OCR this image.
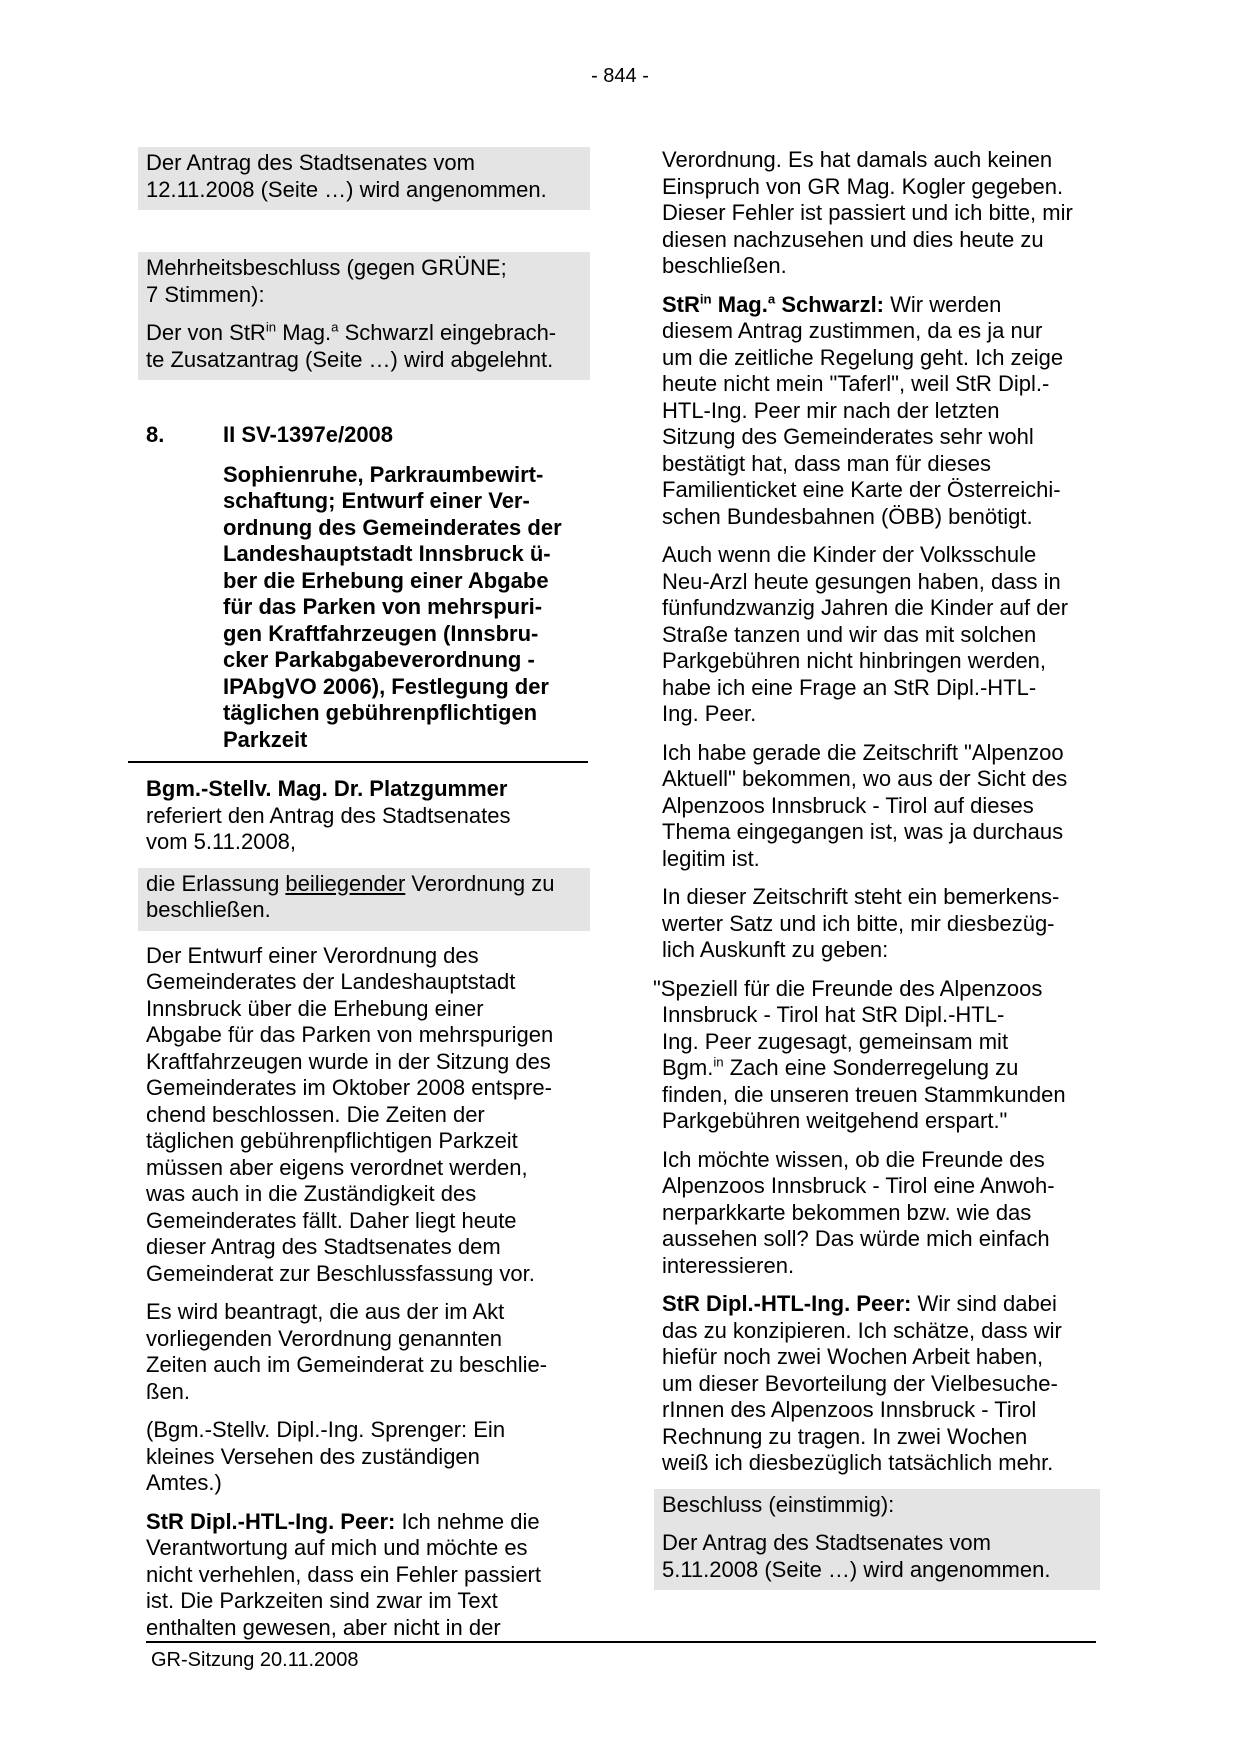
- 844 -
Der Antrag des Stadtsenates vom
12.11.2008 (Seite …) wird angenommen.
Mehrheitsbeschluss (gegen GRÜNE;
7 Stimmen):
Der von StR$^{in}$ Mag.$^a$ Schwarzl eingebrach-
te Zusatzantrag (Seite …) wird abgelehnt.
8.	II SV-1397e/2008
Sophienruhe, Parkraumbewirt-
schaftung; Entwurf einer Ver-
ordnung des Gemeinderates der
Landeshauptstadt Innsbruck ü-
ber die Erhebung einer Abgabe
für das Parken von mehrspuri-
gen Kraftfahrzeugen (Innsbru-
cker Parkabgabeverordnung -
IPAbgVO 2006), Festlegung der
täglichen gebührenpflichtigen
Parkzeit
Bgm.-Stellv. Mag. Dr. Platzgummer
referiert den Antrag des Stadtsenates
vom 5.11.2008,
die Erlassung beiliegender Verordnung zu
beschließen.
Der Entwurf einer Verordnung des
Gemeinderates der Landeshauptstadt
Innsbruck über die Erhebung einer
Abgabe für das Parken von mehrspurigen
Kraftfahrzeugen wurde in der Sitzung des
Gemeinderates im Oktober 2008 entspre-
chend beschlossen. Die Zeiten der
täglichen gebührenpflichtigen Parkzeit
müssen aber eigens verordnet werden,
was auch in die Zuständigkeit des
Gemeinderates fällt. Daher liegt heute
dieser Antrag des Stadtsenates dem
Gemeinderat zur Beschlussfassung vor.
Es wird beantragt, die aus der im Akt
vorliegenden Verordnung genannten
Zeiten auch im Gemeinderat zu beschlie-
ßen.
(Bgm.-Stellv. Dipl.-Ing. Sprenger: Ein
kleines Versehen des zuständigen
Amtes.)
StR Dipl.-HTL-Ing. Peer: Ich nehme die
Verantwortung auf mich und möchte es
nicht verhehlen, dass ein Fehler passiert
ist. Die Parkzeiten sind zwar im Text
enthalten gewesen, aber nicht in der
Verordnung. Es hat damals auch keinen
Einspruch von GR Mag. Kogler gegeben.
Dieser Fehler ist passiert und ich bitte, mir
diesen nachzusehen und dies heute zu
beschließen.
StR$^{in}$ Mag.$^a$ Schwarzl: Wir werden
diesem Antrag zustimmen, da es ja nur
um die zeitliche Regelung geht. Ich zeige
heute nicht mein "Taferl", weil StR Dipl.-
HTL-Ing. Peer mir nach der letzten
Sitzung des Gemeinderates sehr wohl
bestätigt hat, dass man für dieses
Familienticket eine Karte der Österreichi-
schen Bundesbahnen (ÖBB) benötigt.
Auch wenn die Kinder der Volksschule
Neu-Arzl heute gesungen haben, dass in
fünfundzwanzig Jahren die Kinder auf der
Straße tanzen und wir das mit solchen
Parkgebühren nicht hinbringen werden,
habe ich eine Frage an StR Dipl.-HTL-
Ing. Peer.
Ich habe gerade die Zeitschrift "Alpenzoo
Aktuell" bekommen, wo aus der Sicht des
Alpenzoos Innsbruck - Tirol auf dieses
Thema eingegangen ist, was ja durchaus
legitim ist.
In dieser Zeitschrift steht ein bemerkens-
werter Satz und ich bitte, mir diesbezüg-
lich Auskunft zu geben:
"Speziell für die Freunde des Alpenzoos
Innsbruck - Tirol hat StR Dipl.-HTL-
Ing. Peer zugesagt, gemeinsam mit
Bgm.$^{in}$ Zach eine Sonderregelung zu
finden, die unseren treuen Stammkunden
Parkgebühren weitgehend erspart."
Ich möchte wissen, ob die Freunde des
Alpenzoos Innsbruck - Tirol eine Anwoh-
nerparkkarte bekommen bzw. wie das
aussehen soll? Das würde mich einfach
interessieren.
StR Dipl.-HTL-Ing. Peer: Wir sind dabei
das zu konzipieren. Ich schätze, dass wir
hiefür noch zwei Wochen Arbeit haben,
um dieser Bevorteilung der Vielbesuche-
rInnen des Alpenzoos Innsbruck - Tirol
Rechnung zu tragen. In zwei Wochen
weiß ich diesbezüglich tatsächlich mehr.
Beschluss (einstimmig):
Der Antrag des Stadtsenates vom
5.11.2008 (Seite …) wird angenommen.
GR-Sitzung 20.11.2008
